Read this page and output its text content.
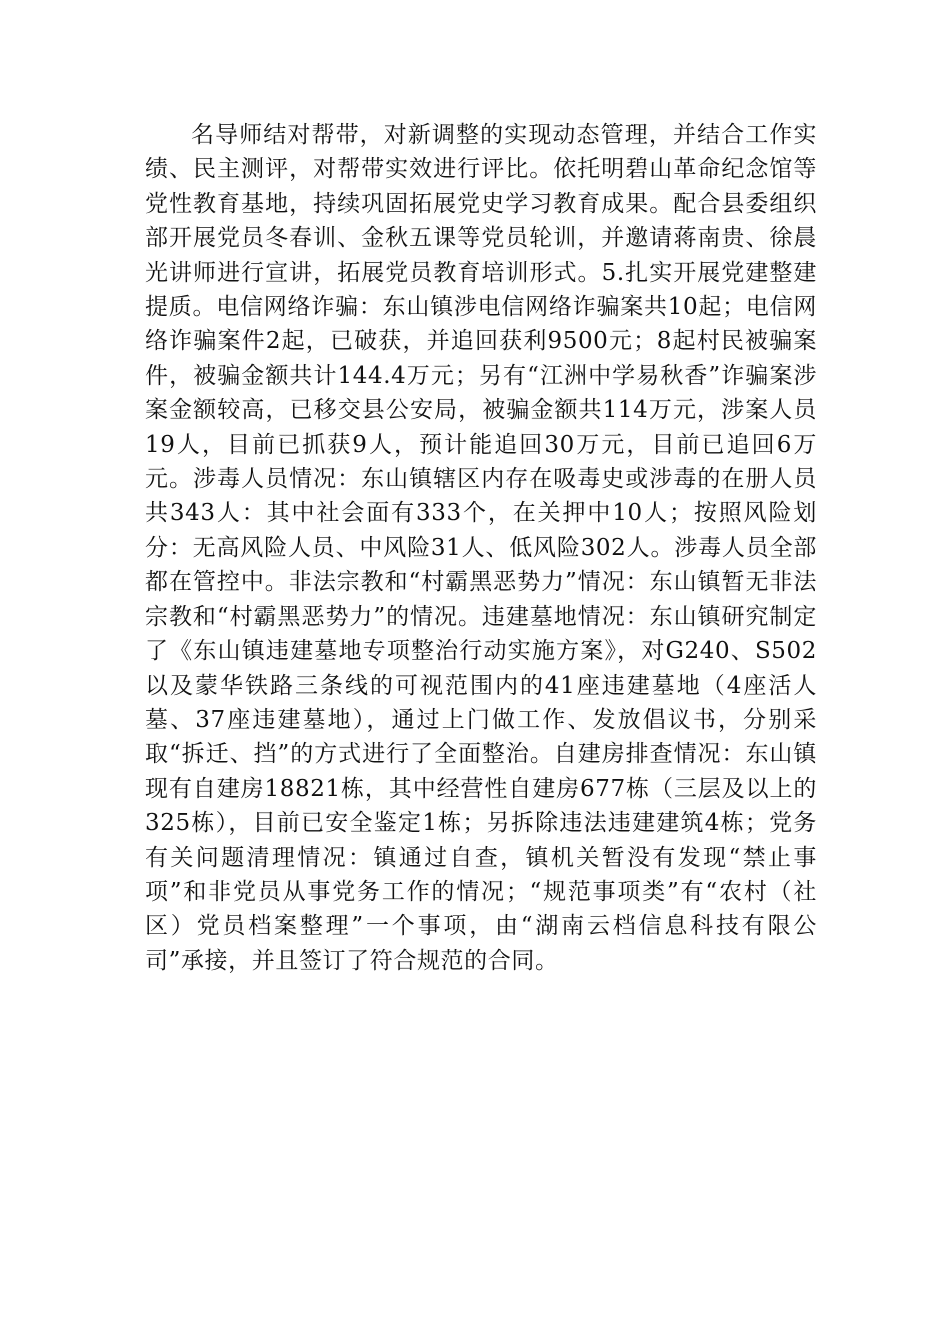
名导师结对帮带，对新调整的实现动态管理，并结合工作实绩、民主测评，对帮带实效进行评比。依托明碧山革命纪念馆等党性教育基地，持续巩固拓展党史学习教育成果。配合县委组织部开展党员冬春训、金秋五课等党员轮训，并邀请蒋南贵、徐晨光讲师进行宣讲，拓展党员教育培训形式。5.扎实开展党建整建提质。电信网络诈骗：东山镇涉电信网络诈骗案共10起；电信网络诈骗案件2起，已破获，并追回获利9500元；8起村民被骗案件，被骗金额共计144.4万元；另有“江洲中学易秋香”诈骗案涉案金额较高，已移交县公安局，被骗金额共114万元，涉案人员19人，目前已抓获9人，预计能追回30万元，目前已追回6万元。涉毒人员情况：东山镇辖区内存在吸毒史或涉毒的在册人员共343人：其中社会面有333个，在关押中10人；按照风险划分：无高风险人员、中风险31人、低风险302人。涉毒人员全部都在管控中。非法宗教和“村霸黑恶势力”情况：东山镇暂无非法宗教和“村霸黑恶势力”的情况。违建墓地情况：东山镇研究制定了《东山镇违建墓地专项整治行动实施方案》，对G240、S502以及蒙华铁路三条线的可视范围内的41座违建墓地（4座活人墓、37座违建墓地），通过上门做工作、发放倡议书，分别采取“拆迁、挡”的方式进行了全面整治。自建房排查情况：东山镇现有自建房18821栋，其中经营性自建房677栋（三层及以上的325栋），目前已安全鉴定1栋；另拆除违法违建建筑4栋；党务有关问题清理情况：镇通过自查，镇机关暂没有发现“禁止事项”和非党员从事党务工作的情况；“规范事项类”有“农村（社区）党员档案整理”一个事项，由“湖南云档信息科技有限公司”承接，并且签订了符合规范的合同。
